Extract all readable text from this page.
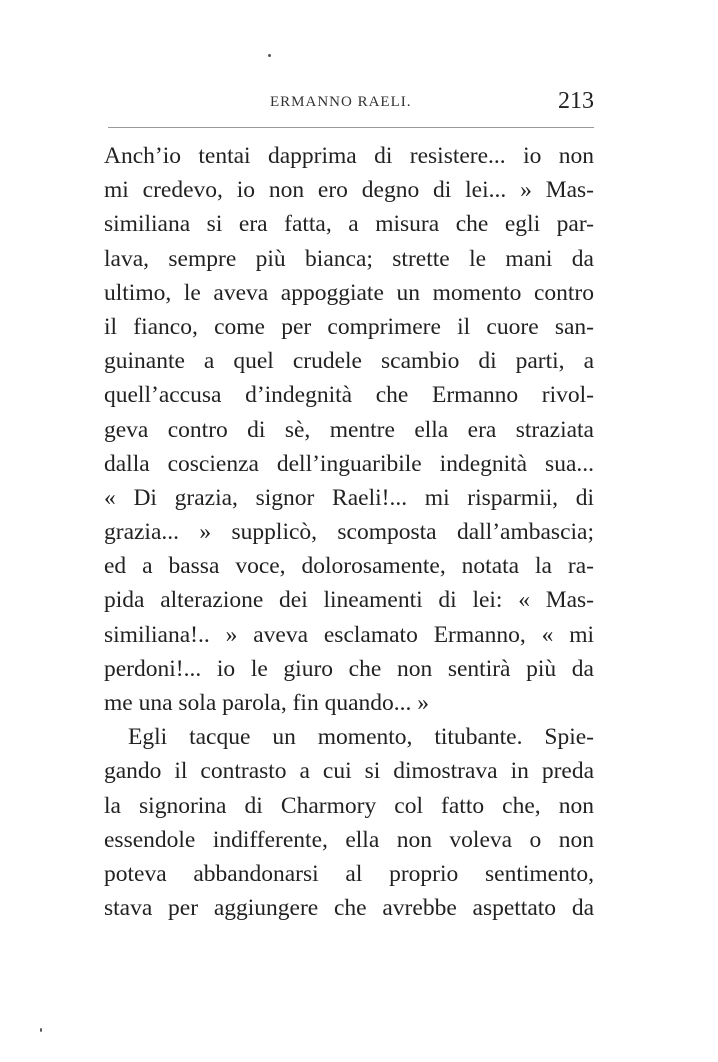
ERMANNO RAELI.	213
Anch’io tentai dapprima di resistere... io non
mi credevo, io non ero degno di lei... » Mas-
similiana si era fatta, a misura che egli par-
lava, sempre più bianca; strette le mani da
ultimo, le aveva appoggiate un momento contro
il fianco, come per comprimere il cuore san-
guinante a quel crudele scambio di parti, a
quell’accusa d’indegnità che Ermanno rivol-
geva contro di sè, mentre ella era straziata
dalla coscienza dell’inguaribile indegnità sua...
« Di grazia, signor Raeli!... mi risparmii, di
grazia... » supplicò, scomposta dall’ambascia;
ed a bassa voce, dolorosamente, notata la ra-
pida alterazione dei lineamenti di lei: « Mas-
similiana!.. » aveva esclamato Ermanno, « mi
perdoni!... io le giuro che non sentirà più da
me una sola parola, fin quando... »
Egli tacque un momento, titubante. Spie-
gando il contrasto a cui si dimostrava in preda
la signorina di Charmory col fatto che, non
essendole indifferente, ella non voleva o non
poteva abbandonarsi al proprio sentimento,
stava per aggiungere che avrebbe aspettato da
